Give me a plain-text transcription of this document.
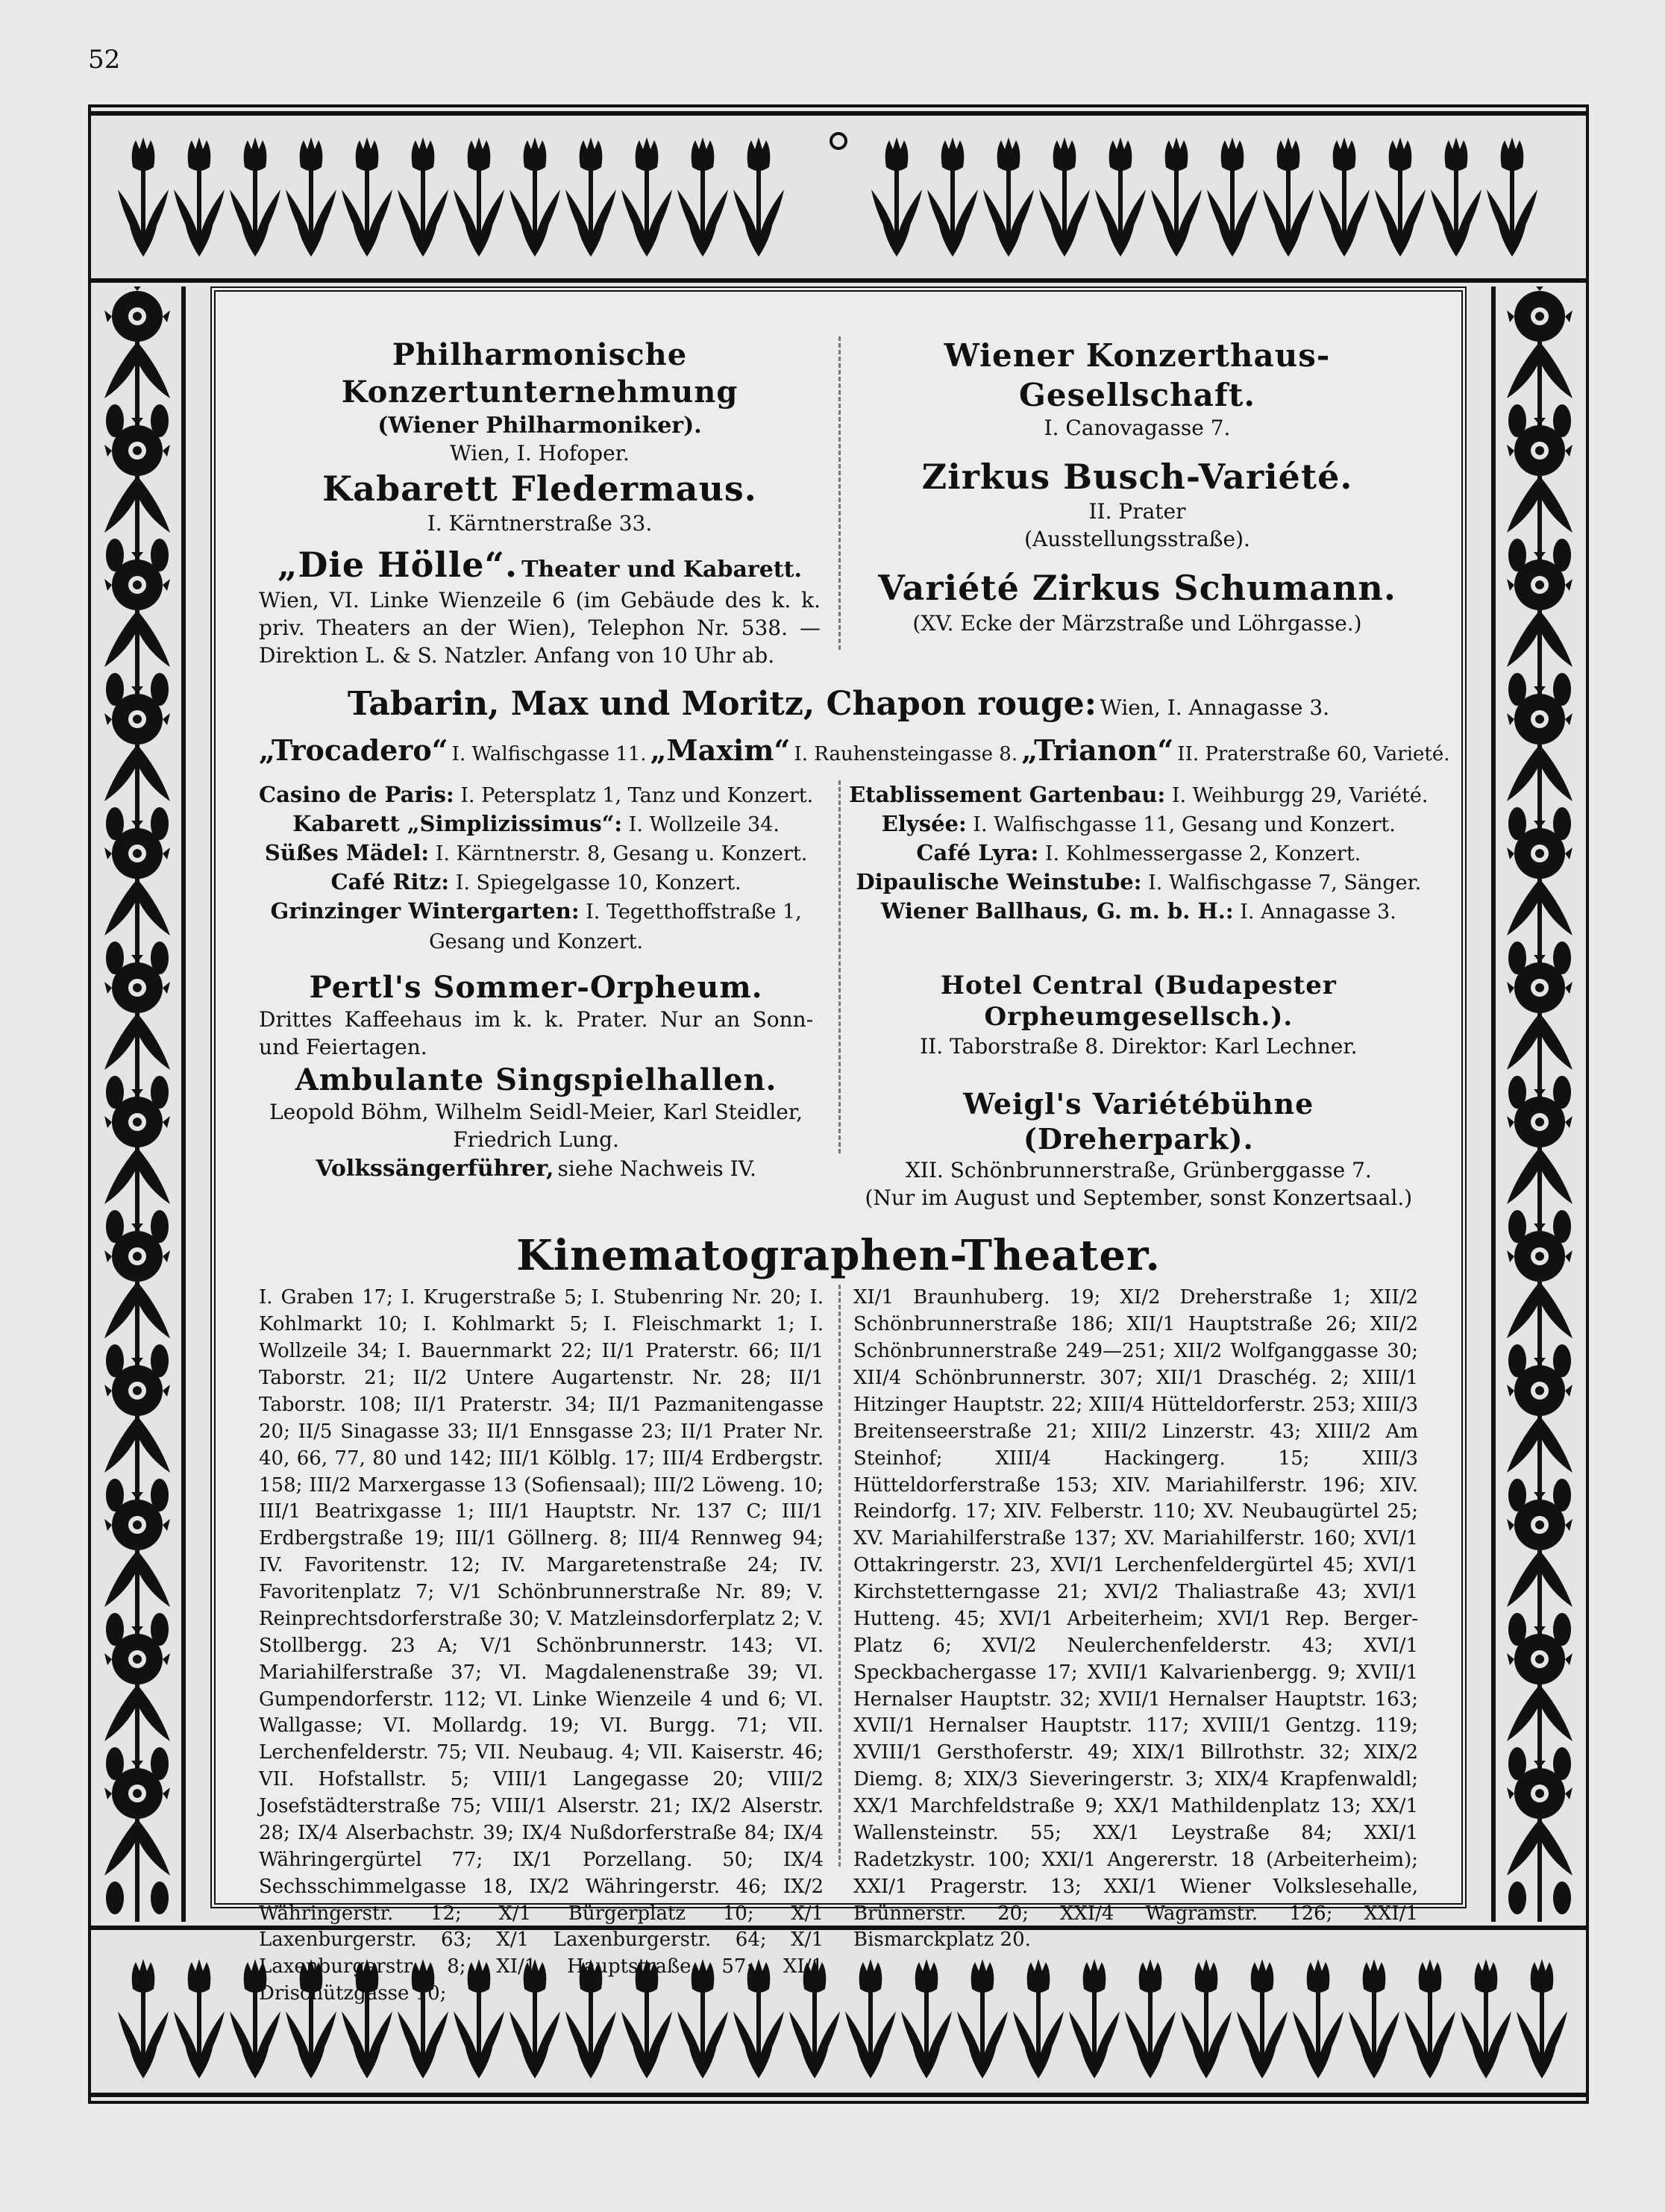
52
Philharmonische Konzertunternehmung
(Wiener Philharmoniker).
Wien, I. Hofoper.
Kabarett Fledermaus.
I. Kärntnerstraße 33.
„Die Hölle“. Theater und Kabarett.
Wien, VI. Linke Wienzeile 6 (im Gebäude des k. k. priv. Theaters an der Wien), Telephon Nr. 538. — Direktion L. & S. Natzler. Anfang von 10 Uhr ab.
Wiener Konzerthaus-Gesellschaft.
I. Canovagasse 7.
Zirkus Busch-Variété.
II. Prater
(Ausstellungsstraße).
Variété Zirkus Schumann.
(XV. Ecke der Märzstraße und Löhrgasse.)
Tabarin, Max und Moritz, Chapon rouge: Wien, I. Annagasse 3.
„Trocadero“ I. Walfischgasse 11. „Maxim“ I. Rauhensteingasse 8. „Trianon“ II. Praterstraße 60, Varieté.
Casino de Paris: I. Petersplatz 1, Tanz und Konzert.
Kabarett „Simplizissimus“: I. Wollzeile 34.
Süßes Mädel: I. Kärntnerstr. 8, Gesang u. Konzert.
Café Ritz: I. Spiegelgasse 10, Konzert.
Grinzinger Wintergarten: I. Tegetthoffstraße 1,
Gesang und Konzert.
Pertl's Sommer-Orpheum.
Drittes Kaffeehaus im k. k. Prater. Nur an Sonn- und Feiertagen.
Ambulante Singspielhallen.
Leopold Böhm, Wilhelm Seidl-Meier, Karl Steidler, Friedrich Lung.
Volkssängerführer, siehe Nachweis IV.
Etablissement Gartenbau: I. Weihburgg 29, Variété.
Elysée: I. Walfischgasse 11, Gesang und Konzert.
Café Lyra: I. Kohlmessergasse 2, Konzert.
Dipaulische Weinstube: I. Walfischgasse 7, Sänger.
Wiener Ballhaus, G. m. b. H.: I. Annagasse 3.
Hotel Central (Budapester Orpheumgesellsch.).
II. Taborstraße 8. Direktor: Karl Lechner.
Weigl's Variétébühne (Dreherpark).
XII. Schönbrunnerstraße, Grünberggasse 7.
(Nur im August und September, sonst Konzertsaal.)
Kinematographen-Theater.
I. Graben 17; I. Krugerstraße 5; I. Stubenring Nr. 20; I. Kohlmarkt 10; I. Kohlmarkt 5; I. Fleischmarkt 1; I. Wollzeile 34; I. Bauernmarkt 22; II/1 Praterstr. 66; II/1 Taborstr. 21; II/2 Untere Augartenstr. Nr. 28; II/1 Taborstr. 108; II/1 Praterstr. 34; II/1 Pazmanitengasse 20; II/5 Sinagasse 33; II/1 Ennsgasse 23; II/1 Prater Nr. 40, 66, 77, 80 und 142; III/1 Kölblg. 17; III/4 Erdbergstr. 158; III/2 Marxergasse 13 (Sofiensaal); III/2 Löweng. 10; III/1 Beatrixgasse 1; III/1 Hauptstr. Nr. 137 C; III/1 Erdbergstraße 19; III/1 Göllnerg. 8; III/4 Rennweg 94; IV. Favoritenstr. 12; IV. Margaretenstraße 24; IV. Favoritenplatz 7; V/1 Schönbrunnerstraße Nr. 89; V. Reinprechtsdorferstraße 30; V. Matzleinsdorferplatz 2; V. Stollbergg. 23 A; V/1 Schönbrunnerstr. 143; VI. Mariahilferstraße 37; VI. Magdalenenstraße 39; VI. Gumpendorferstr. 112; VI. Linke Wienzeile 4 und 6; VI. Wallgasse; VI. Mollardg. 19; VI. Burgg. 71; VII. Lerchenfelderstr. 75; VII. Neubaug. 4; VII. Kaiserstr. 46; VII. Hofstallstr. 5; VIII/1 Langegasse 20; VIII/2 Josefstädterstraße 75; VIII/1 Alserstr. 21; IX/2 Alserstr. 28; IX/4 Alserbachstr. 39; IX/4 Nußdorferstraße 84; IX/4 Währingergürtel 77; IX/1 Porzellang. 50; IX/4 Sechsschimmelgasse 18, IX/2 Währingerstr. 46; IX/2 Währingerstr. 12; X/1 Bürgerplatz 10; X/1 Laxenburgerstr. 63; X/1 Laxenburgerstr. 64; X/1 Laxenburgerstr. 8; XI/1 Hauptstraße 57; XI/1 Drischützgasse 10;
XI/1 Braunhuberg. 19; XI/2 Dreherstraße 1; XII/2 Schönbrunnerstraße 186; XII/1 Hauptstraße 26; XII/2 Schönbrunnerstraße 249—251; XII/2 Wolfganggasse 30; XII/4 Schönbrunnerstr. 307; XII/1 Draschég. 2; XIII/1 Hitzinger Hauptstr. 22; XIII/4 Hütteldorferstr. 253; XIII/3 Breitenseerstraße 21; XIII/2 Linzerstr. 43; XIII/2 Am Steinhof; XIII/4 Hackingerg. 15; XIII/3 Hütteldorferstraße 153; XIV. Mariahilferstr. 196; XIV. Reindorfg. 17; XIV. Felberstr. 110; XV. Neubaugürtel 25; XV. Mariahilferstraße 137; XV. Mariahilferstr. 160; XVI/1 Ottakringerstr. 23, XVI/1 Lerchenfeldergürtel 45; XVI/1 Kirchstetterngasse 21; XVI/2 Thaliastraße 43; XVI/1 Hutteng. 45; XVI/1 Arbeiterheim; XVI/1 Rep. Berger-Platz 6; XVI/2 Neulerchenfelderstr. 43; XVI/1 Speckbachergasse 17; XVII/1 Kalvarienbergg. 9; XVII/1 Hernalser Hauptstr. 32; XVII/1 Hernalser Hauptstr. 163; XVII/1 Hernalser Hauptstr. 117; XVIII/1 Gentzg. 119; XVIII/1 Gersthoferstr. 49; XIX/1 Billrothstr. 32; XIX/2 Diemg. 8; XIX/3 Sieveringerstr. 3; XIX/4 Krapfenwaldl; XX/1 Marchfeldstraße 9; XX/1 Mathildenplatz 13; XX/1 Wallensteinstr. 55; XX/1 Leystraße 84; XXI/1 Radetzkystr. 100; XXI/1 Angererstr. 18 (Arbeiterheim); XXI/1 Pragerstr. 13; XXI/1 Wiener Volkslesehalle, Brünnerstr. 20; XXI/4 Wagramstr. 126; XXI/1 Bismarckplatz 20.
